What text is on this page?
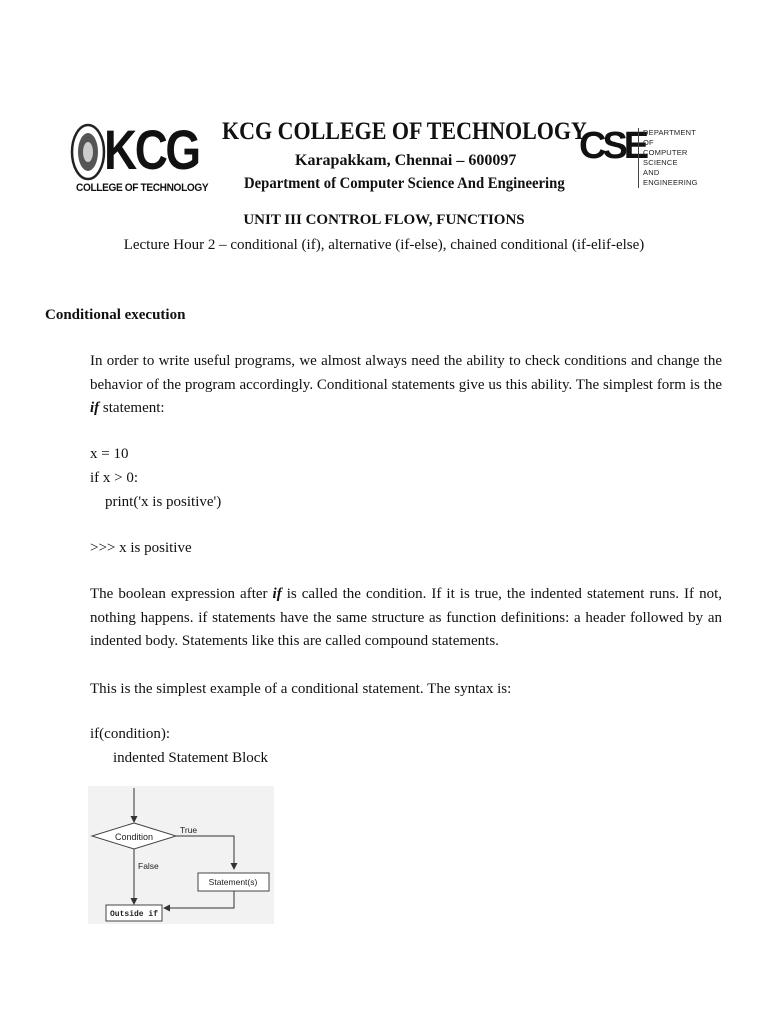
KCG
COLLEGE OF TECHNOLOGY
KCG COLLEGE OF TECHNOLOGY
Karapakkam, Chennai – 600097
Department of Computer Science And Engineering
CSE
DEPARTMENT OF
COMPUTER SCIENCE
AND ENGINEERING
UNIT III CONTROL FLOW, FUNCTIONS
Lecture Hour 2 – conditional (if), alternative (if-else), chained conditional (if-elif-else)
Conditional execution

In order to write useful programs, we almost always need the ability to check conditions and change the behavior of the program accordingly. Conditional statements give us this ability. The simplest form is the if statement:

x = 10
if x > 0:
print('x is positive')
>>> x is positive

The boolean expression after if is called the condition. If it is true, the indented statement runs. If not, nothing happens. if statements have the same structure as function definitions: a header followed by an indented body. Statements like this are called compound statements.

This is the simplest example of a conditional statement. The syntax is:
if(condition):
indented Statement Block
Condition
True
Statement(s)
False
Outside if
